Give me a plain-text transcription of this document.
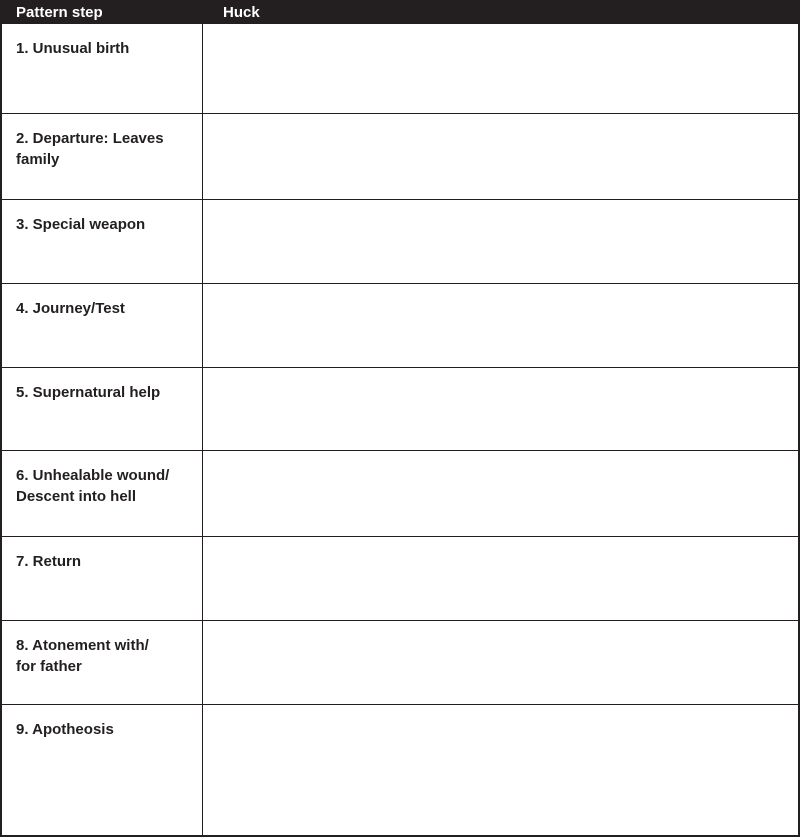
Pattern step	Huck
1. Unusual birth
2. Departure: Leaves
family
3. Special weapon
4. Journey/Test
5. Supernatural help
6. Unhealable wound/
Descent into hell
7. Return
8. Atonement with/
for father
9. Apotheosis
